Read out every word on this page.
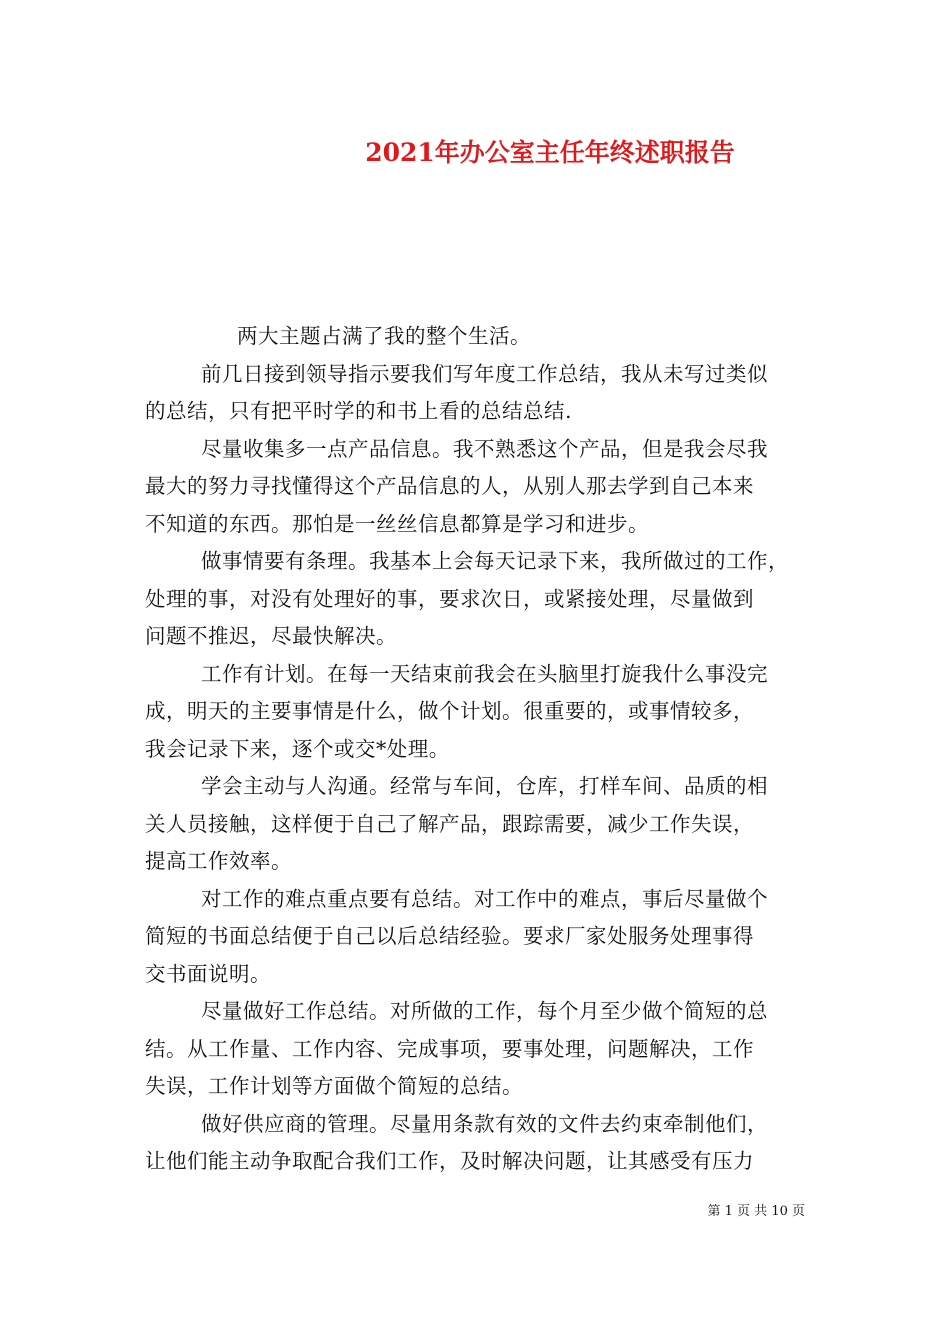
2021年办公室主任年终述职报告
两大主题占满了我的整个生活。
前几日接到领导指示要我们写年度工作总结，我从未写过类似
的总结，只有把平时学的和书上看的总结总结.
尽量收集多一点产品信息。我不熟悉这个产品，但是我会尽我
最大的努力寻找懂得这个产品信息的人，从别人那去学到自己本来
不知道的东西。那怕是一丝丝信息都算是学习和进步。
做事情要有条理。我基本上会每天记录下来，我所做过的工作，
处理的事，对没有处理好的事，要求次日，或紧接处理，尽量做到
问题不推迟，尽最快解决。
工作有计划。在每一天结束前我会在头脑里打旋我什么事没完
成，明天的主要事情是什么，做个计划。很重要的，或事情较多，
我会记录下来，逐个或交*处理。
学会主动与人沟通。经常与车间，仓库，打样车间、品质的相
关人员接触，这样便于自己了解产品，跟踪需要，减少工作失误，
提高工作效率。
对工作的难点重点要有总结。对工作中的难点，事后尽量做个
简短的书面总结便于自己以后总结经验。要求厂家处服务处理事得
交书面说明。
尽量做好工作总结。对所做的工作，每个月至少做个简短的总
结。从工作量、工作内容、完成事项，要事处理，问题解决，工作
失误，工作计划等方面做个简短的总结。
做好供应商的管理。尽量用条款有效的文件去约束牵制他们，
让他们能主动争取配合我们工作，及时解决问题，让其感受有压力
第 1 页 共 10 页
